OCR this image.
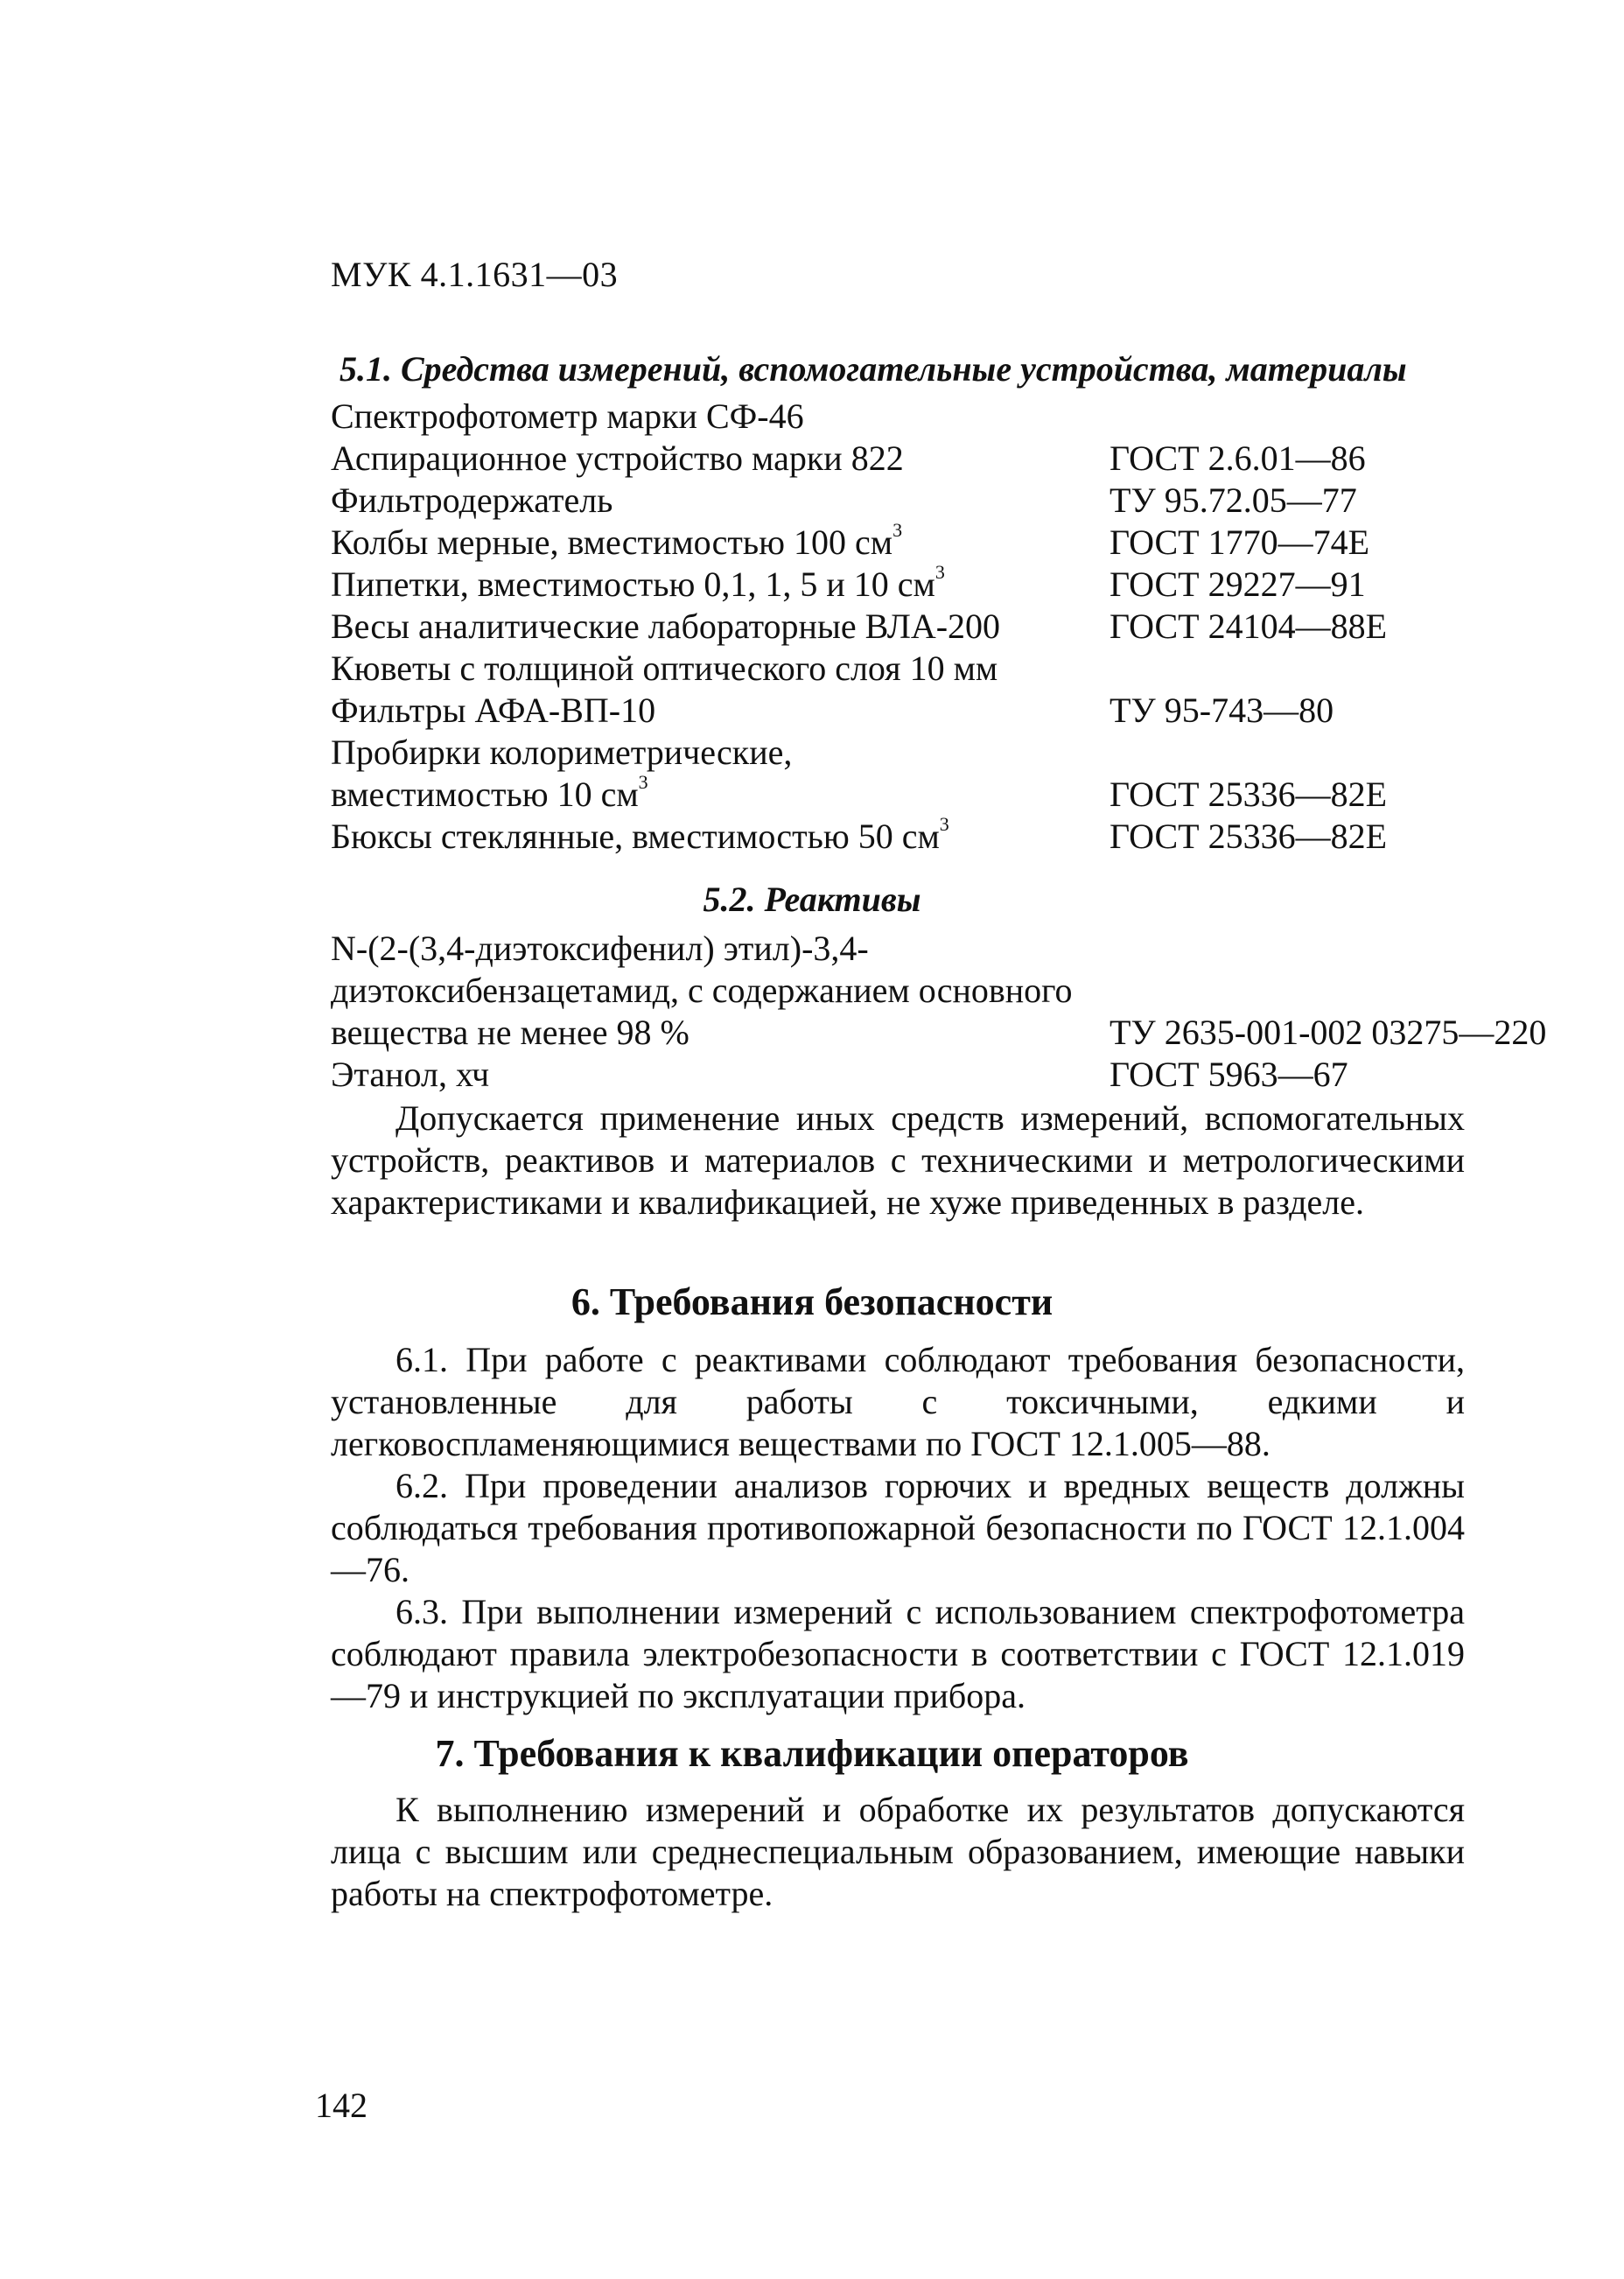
МУК 4.1.1631—03
5.1. Средства измерений, вспомогательные устройства, материалы
Спектрофотометр марки СФ-46
Аспирационное устройство марки 822	ГОСТ 2.6.01—86
Фильтродержатель	ТУ 95.72.05—77
Колбы мерные, вместимостью 100 $см^3$	ГОСТ 1770—74Е
Пипетки, вместимостью 0,1, 1, 5 и 10 $см^3$	ГОСТ 29227—91
Весы аналитические лабораторные ВЛА-200	ГОСТ 24104—88Е
Кюветы с толщиной оптического слоя 10 мм
Фильтры АФА-ВП-10	ТУ 95-743—80
Пробирки колориметрические,
вместимостью 10 $см^3$	ГОСТ 25336—82Е
Бюксы стеклянные, вместимостью 50 $см^3$	ГОСТ 25336—82Е
5.2. Реактивы
N-(2-(3,4-диэтоксифенил) этил)-3,4-
диэтоксибензацетамид, с содержанием основного
вещества не менее 98 %	ТУ 2635-001-002 03275—220
Этанол, хч	ГОСТ 5963—67
Допускается применение иных средств измерений, вспомогательных устройств, реактивов и материалов с техническими и метрологическими характеристиками и квалификацией, не хуже приведенных в разделе.
6. Требования безопасности

6.1. При работе с реактивами соблюдают требования безопасности, установленные для работы с токсичными, едкими и легковоспламеняющимися веществами по ГОСТ 12.1.005—88.

6.2. При проведении анализов горючих и вредных веществ должны соблюдаться требования противопожарной безопасности по ГОСТ 12.1.004—76.

6.3. При выполнении измерений с использованием спектрофотометра соблюдают правила электробезопасности в соответствии с ГОСТ 12.1.019—79 и инструкцией по эксплуатации прибора.

7. Требования к квалификации операторов
К выполнению измерений и обработке их результатов допускаются лица с высшим или среднеспециальным образованием, имеющие навыки работы на спектрофотометре.
142
